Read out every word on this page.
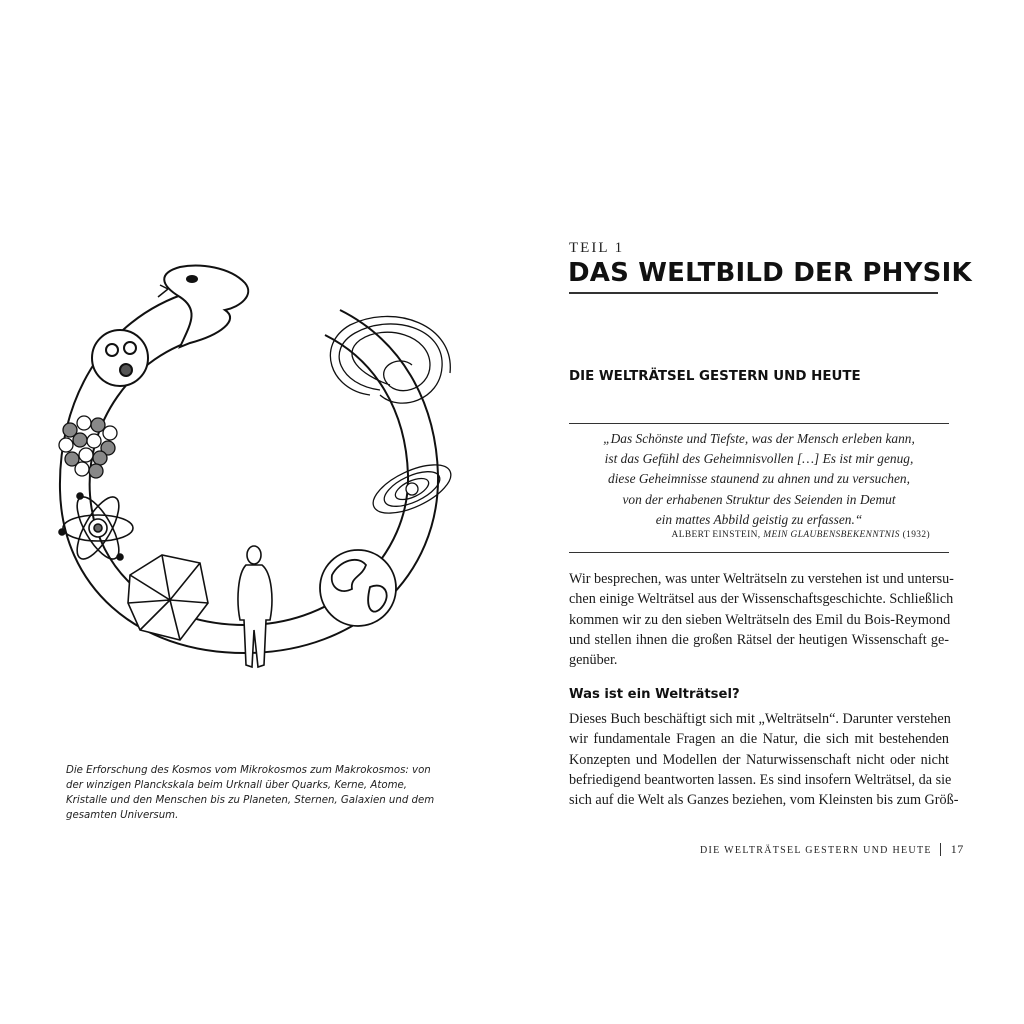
Die Erforschung des Kosmos vom Mikrokosmos zum Makrokosmos: von der winzigen Planckskala beim Urknall über Quarks, Kerne, Atome, Kristalle und den Menschen bis zu Planeten, Sternen, Galaxien und dem gesamten Universum.
TEIL 1
DAS WELTBILD DER PHYSIK
DIE WELTRÄTSEL GESTERN UND HEUTE
„Das Schönste und Tiefste, was der Mensch erleben kann,
ist das Gefühl des Geheimnisvollen […] Es ist mir genug,
diese Geheimnisse staunend zu ahnen und zu versuchen,
von der erhabenen Struktur des Seienden in Demut
ein mattes Abbild geistig zu erfassen.“
ALBERT EINSTEIN, MEIN GLAUBENSBEKENNTNIS (1932)
Wir besprechen, was unter Welträtseln zu verstehen ist und untersu-
chen einige Welträtsel aus der Wissenschaftsgeschichte. Schließlich
kommen wir zu den sieben Welträtseln des Emil du Bois-Reymond
und stellen ihnen die großen Rätsel der heutigen Wissenschaft ge-
genüber.
Was ist ein Welträtsel?
Dieses Buch beschäftigt sich mit „Welträtseln“. Darunter verstehen
wir fundamentale Fragen an die Natur, die sich mit bestehenden
Konzepten und Modellen der Naturwissenschaft nicht oder nicht
befriedigend beantworten lassen. Es sind insofern Welträtsel, da sie
sich auf die Welt als Ganzes beziehen, vom Kleinsten bis zum Größ-
DIE WELTRÄTSEL GESTERN UND HEUTE 17
